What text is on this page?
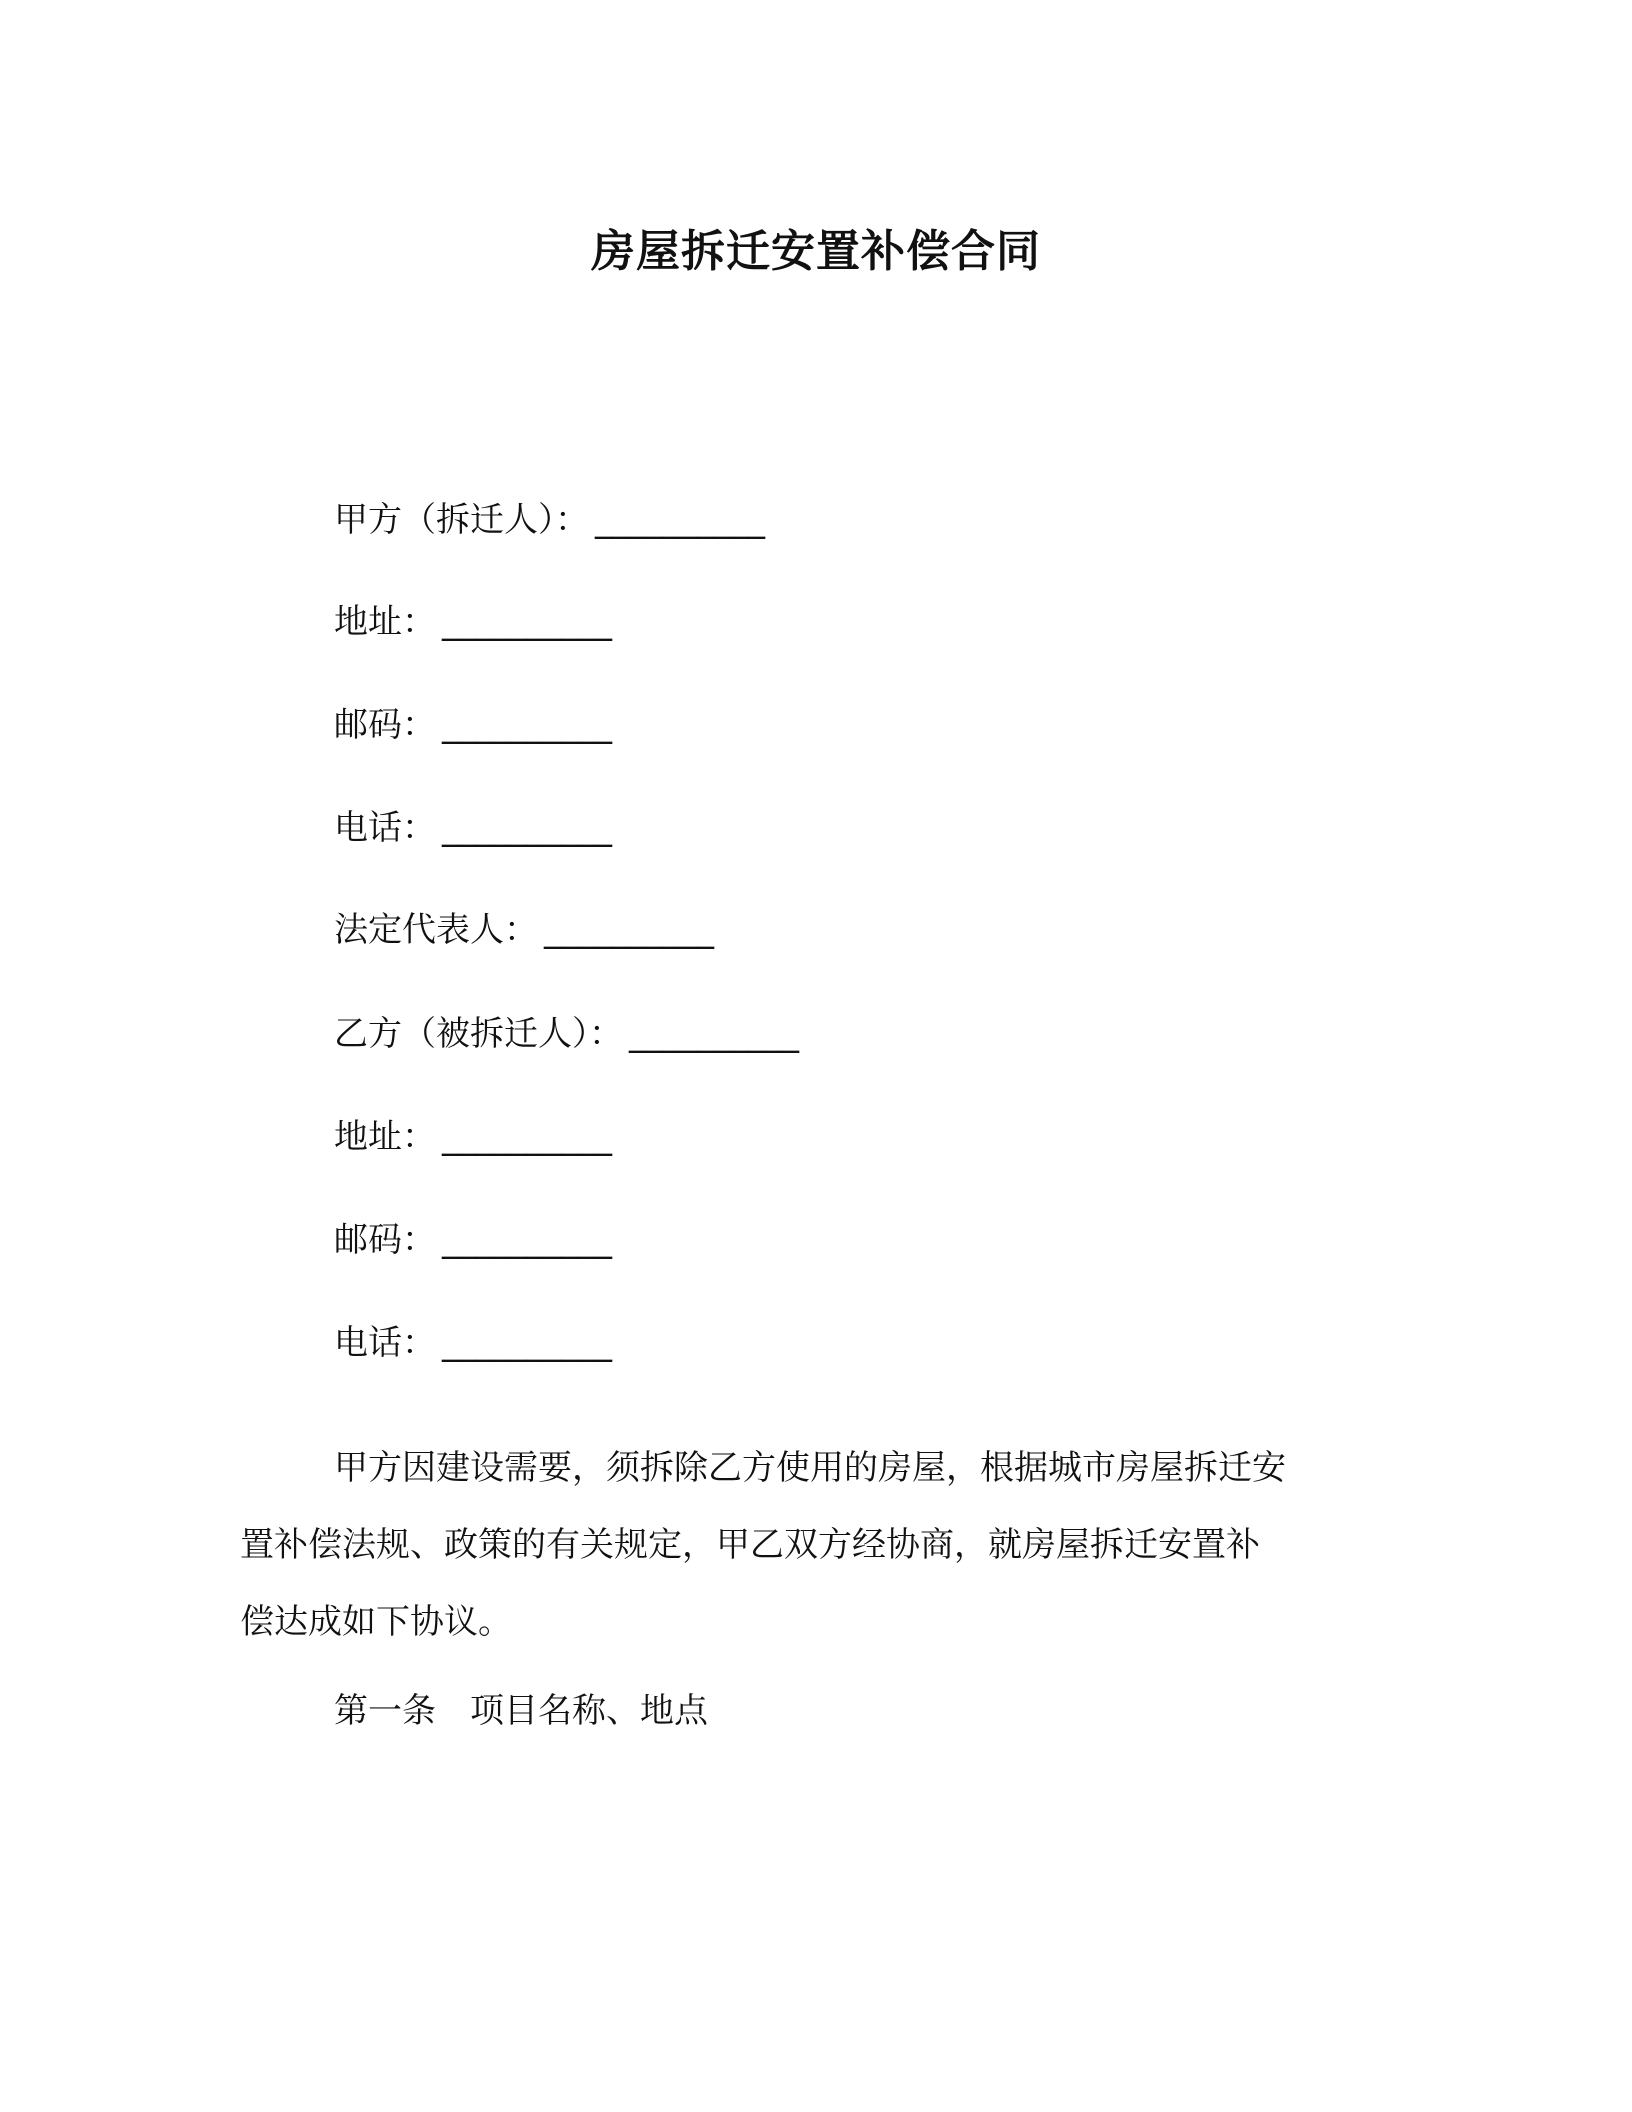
房屋拆迁安置补偿合同
甲方（拆迁人）： __________
地址： __________
邮码： __________
电话： __________
法定代表人： __________
乙方（被拆迁人）： __________
地址： __________
邮码： __________
电话： __________
甲方因建设需要，须拆除乙方使用的房屋，根据城市房屋拆迁安
置补偿法规、政策的有关规定，甲乙双方经协商，就房屋拆迁安置补
偿达成如下协议。
第一条　项目名称、地点
